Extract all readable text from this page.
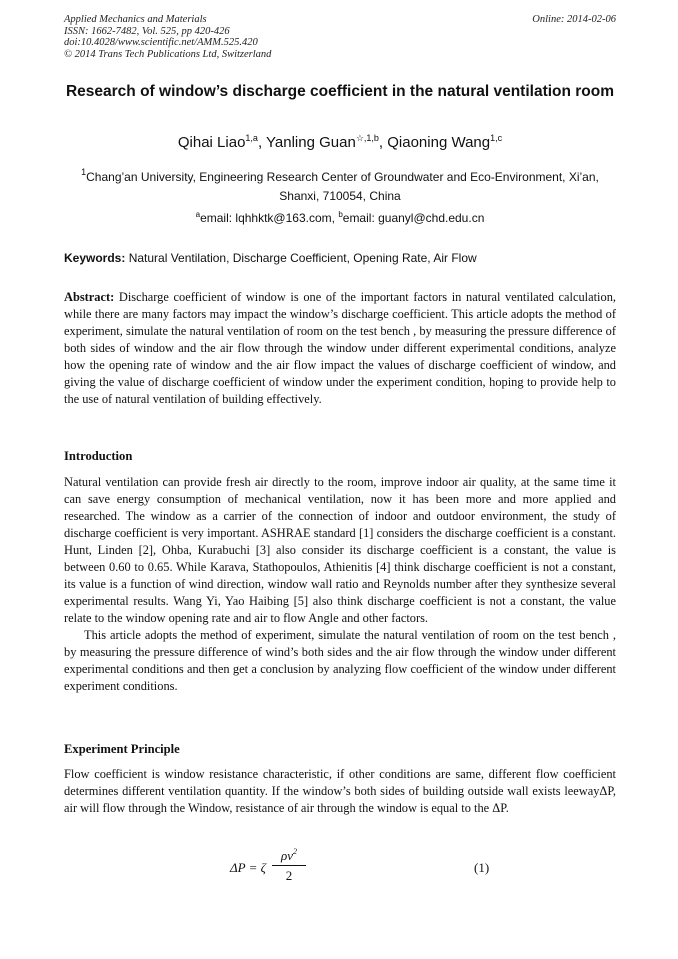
Applied Mechanics and Materials
ISSN: 1662-7482, Vol. 525, pp 420-426
doi:10.4028/www.scientific.net/AMM.525.420
© 2014 Trans Tech Publications Ltd, Switzerland
Online: 2014-02-06
Research of window’s discharge coefficient in the natural ventilation room
Qihai Liao$^{1,a}$, Yanling Guan$^{☆,1,b}$, Qiaoning Wang$^{1,c}$
$^1$Chang’an University, Engineering Research Center of Groundwater and Eco-Environment, Xi’an, Shanxi, 710054, China
$^a$email: lqhhktk@163.com, $^b$email: guanyl@chd.edu.cn
Keywords: Natural Ventilation, Discharge Coefficient, Opening Rate, Air Flow

Abstract: Discharge coefficient of window is one of the important factors in natural ventilated calculation, while there are many factors may impact the window’s discharge coefficient. This article adopts the method of experiment, simulate the natural ventilation of room on the test bench , by measuring the pressure difference of both sides of window and the air flow through the window under different experimental conditions, analyze how the opening rate of window and the air flow impact the values of discharge coefficient of window, and giving the value of discharge coefficient of window under the experiment condition, hoping to provide help to the use of natural ventilation of building effectively.

Introduction

Natural ventilation can provide fresh air directly to the room, improve indoor air quality, at the same time it can save energy consumption of mechanical ventilation, now it has been more and more applied and researched. The window as a carrier of the connection of indoor and outdoor environment, the study of discharge coefficient is very important. ASHRAE standard [1] considers the discharge coefficient is a constant. Hunt, Linden [2], Ohba, Kurabuchi [3] also consider its discharge coefficient is a constant, the value is between 0.60 to 0.65. While Karava, Stathopoulos, Athienitis [4] think discharge coefficient is not a constant, its value is a function of wind direction, window wall ratio and Reynolds number after they synthesize several experimental results. Wang Yi, Yao Haibing [5] also think discharge coefficient is not a constant, the value relate to the window opening rate and air to flow Angle and other factors.

This article adopts the method of experiment, simulate the natural ventilation of room on the test bench , by measuring the pressure difference of wind’s both sides and the air flow through the window under different experimental conditions and then get a conclusion by analyzing flow coefficient of the window under different experiment conditions.

Experiment Principle

Flow coefficient is window resistance characteristic, if other conditions are same, different flow coefficient determines different ventilation quantity. If the window’s both sides of building outside wall exists leewayΔP, air will flow through the Window, resistance of air through the window is equal to the ΔP.

ΔP = ζ $\frac{\rho v^2}{2}$	(1)
